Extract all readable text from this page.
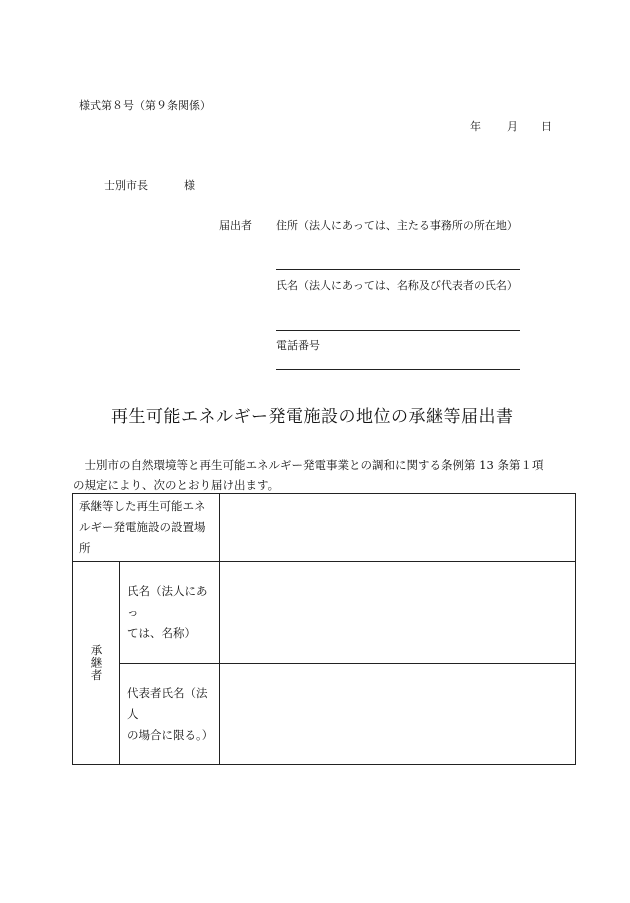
様式第８号（第９条関係）
年 月 日
士別市長	様
届出者 住所（法人にあっては、主たる事務所の所在地）
氏名（法人にあっては、名称及び代表者の氏名）
電話番号
再生可能エネルギー発電施設の地位の承継等届出書
士別市の自然環境等と再生可能エネルギー発電事業との調和に関する条例第 13 条第１項
の規定により、次のとおり届け出ます。
承継等した再生可能エネ
ルギー発電施設の設置場
所		

承継者	氏名（法人にあっ
ては、名称）	

	代表者氏名（法人
の場合に限る。）	
